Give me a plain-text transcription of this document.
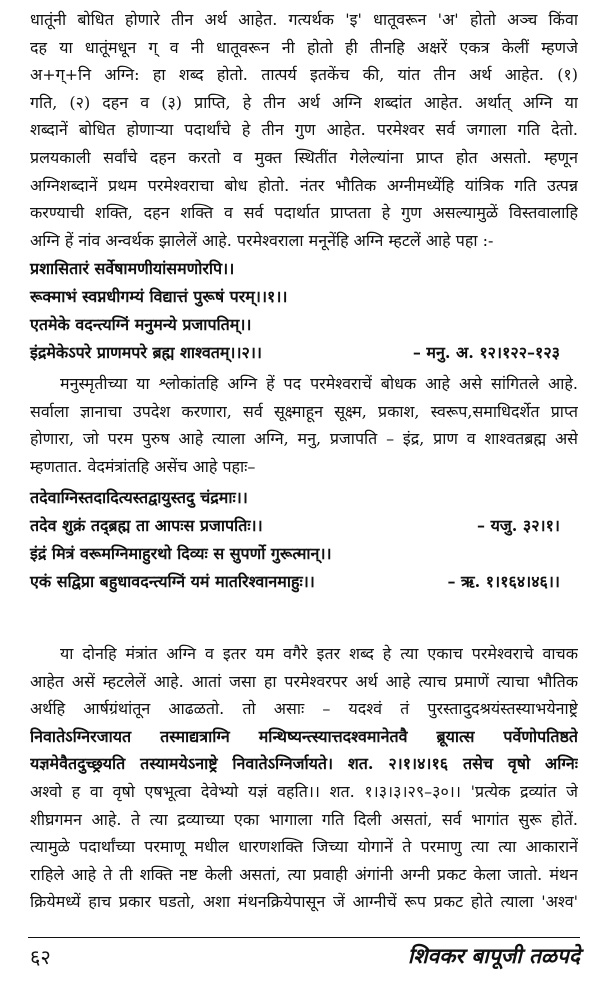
धातूंनी बोधित होणारे तीन अर्थ आहेत. गत्यर्थक 'इ' धातूवरून 'अ' होतो अञ्च किंवा
दह या धातूंमधून ग्‌ व नी धातूवरून नी होतो ही तीनहि अक्षरें एकत्र केलीं म्हणजे
अ+ग्‌+नि अग्नि: हा शब्द होतो. तात्पर्य इतकेंच की, यांत तीन अर्थ आहेत. (१)
गति, (२) दहन व (३) प्राप्ति, हे तीन अर्थ अग्नि शब्दांत आहेत. अर्थात् अग्नि या
शब्दानें बोधित होणाऱ्या पदार्थांचे हे तीन गुण आहेत. परमेश्वर सर्व जगाला गति देतो.
प्रलयकाली सर्वांचे दहन करतो व मुक्त स्थितींत गेलेल्यांना प्राप्त होत असतो. म्हणून
अग्निशब्दानें प्रथम परमेश्वराचा बोध होतो. नंतर भौतिक अग्नीमध्येंहि यांत्रिक गति उत्पन्न
करण्याची शक्ति, दहन शक्ति व सर्व पदार्थात प्राप्तता हे गुण असल्यामुळें विस्तवालाहि
अग्नि हें नांव अन्वर्थक झालेलें आहे. परमेश्वराला मनूनेंहि अग्नि म्हटलें आहे पहा :-
प्रशासितारं सर्वेषामणीयांसमणोरपि।।
रूक्माभं स्वप्नधीगम्यं विद्यात्तं पुरूषं परम्।।१।।
एतमेके वदन्त्यग्निं मनुमन्ये प्रजापतिम्।।
इंद्रमेकेऽपरे प्राणमपरे ब्रह्म शाश्वतम्।।२।।	– मनु. अ. १२।१२२–१२३
मनुस्मृतीच्या या श्लोकांतहि अग्नि हें पद परमेश्वराचें बोधक आहे असे सांगितले आहे.
सर्वाला ज्ञानाचा उपदेश करणारा, सर्व सूक्ष्माहून सूक्ष्म, प्रकाश, स्वरूप,समाधिदर्शेत प्राप्त
होणारा, जो परम पुरुष आहे त्याला अग्नि, मनु, प्रजापति – इंद्र, प्राण व शाश्वतब्रह्म असे
म्हणतात. वेदमंत्रांतहि असेंच आहे पहाः–
तदेवाग्निस्तदादित्यस्तद्वायुस्तदु चंद्रमाः।।
तदेव शुक्रं तद्ब्रह्म ता आपःस प्रजापतिः।।	– यजु. ३२।१।
इंद्रं मित्रं वरूमग्निमाहुरथो दिव्यः स सुपर्णो गुरूत्मान्।।
एकं सद्विप्रा बहुधावदन्त्यग्निं यमं मातरिश्वानमाहुः।।	– ऋ. १।१६४।४६।।
या दोनहि मंत्रांत अग्नि व इतर यम वगैरे इतर शब्द हे त्या एकाच परमेश्वराचे वाचक
आहेत असें म्हटलेलें आहे. आतां जसा हा परमेश्वरपर अर्थ आहे त्याच प्रमाणें त्याचा भौतिक
अर्थहि आर्षग्रंथांतून आढळतो. तो असाः – यदश्वं तं पुरस्तादुदश्रयंस्तस्याभयेनाष्ट्रे
निवातेऽग्निरजायत तस्माद्यत्राग्नि मन्थिष्यन्त्स्यात्तदश्वमानेतवै ब्रूयात्स पर्वेणोपतिष्ठते
यज्ञमेवैतदुच्छ्रयति तस्यामयेऽनाष्ट्रे निवातेऽग्निर्जायते। शत. २।१।४।१६ तसेच वृषो अग्निः
अश्वो ह वा वृषो एषभूत्वा देवेभ्यो यज्ञं वहति।। शत. १।३।३।२९–३०।। 'प्रत्येक द्रव्यांत जे
शीघ्रगमन आहे. ते त्या द्रव्याच्या एका भागाला गति दिली असतां, सर्व भागांत सुरू होतें.
त्यामुळे पदार्थांच्या परमाणू मधील धारणशक्ति जिच्या योगानें ते परमाणु त्या त्या आकारानें
राहिले आहे ते ती शक्ति नष्ट केली असतां, त्या प्रवाही अंगांनी अग्नी प्रकट केला जातो. मंथन
क्रियेमध्यें हाच प्रकार घडतो, अशा मंथनक्रियेपासून जें आग्नीचें रूप प्रकट होते त्याला 'अश्व'
६२	शिवकर बापूजी तळपदे
